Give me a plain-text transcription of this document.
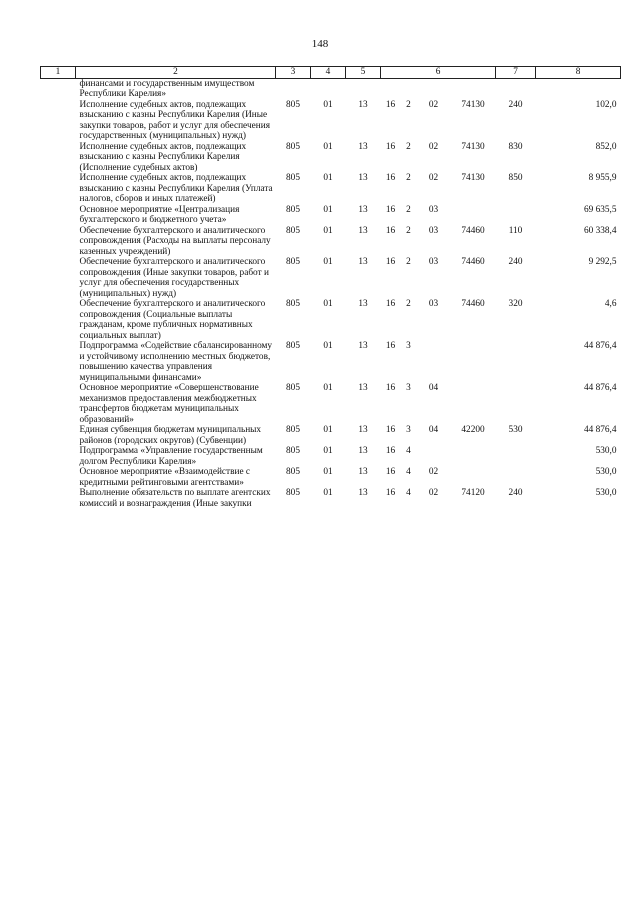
148
1	2	3	4	5	6				7	8
	финансами и государственным имуществом Республики Карелия»									
	Исполнение судебных актов, подлежащих взысканию с казны Республики Карелия (Иные закупки товаров, работ и услуг для обеспечения государственных (муниципальных) нужд)	805	01	13	16	2	02	74130	240	102,0
	Исполнение судебных актов, подлежащих взысканию с казны Республики Карелия (Исполнение судебных актов)	805	01	13	16	2	02	74130	830	852,0
	Исполнение судебных актов, подлежащих взысканию с казны Республики Карелия (Уплата налогов, сборов и иных платежей)	805	01	13	16	2	02	74130	850	8 955,9
	Основное мероприятие «Централизация бухгалтерского и бюджетного учета»	805	01	13	16	2	03			69 635,5
	Обеспечение бухгалтерского и аналитического сопровождения (Расходы на выплаты персоналу казенных учреждений)	805	01	13	16	2	03	74460	110	60 338,4
	Обеспечение бухгалтерского и аналитического сопровождения (Иные закупки товаров, работ и услуг для обеспечения государственных (муниципальных) нужд)	805	01	13	16	2	03	74460	240	9 292,5
	Обеспечение бухгалтерского и аналитического сопровождения (Социальные выплаты гражданам, кроме публичных нормативных социальных выплат)	805	01	13	16	2	03	74460	320	4,6
	Подпрограмма «Содействие сбалансированному и устойчивому исполнению местных бюджетов, повышению качества управления муниципальными финансами»	805	01	13	16	3				44 876,4
	Основное мероприятие «Совершенствование механизмов предоставления межбюджетных трансфертов бюджетам муниципальных образований»	805	01	13	16	3	04			44 876,4
	Единая субвенция бюджетам муниципальных районов (городских округов) (Субвенции)	805	01	13	16	3	04	42200	530	44 876,4
	Подпрограмма «Управление государственным долгом Республики Карелия»	805	01	13	16	4				530,0
	Основное мероприятие «Взаимодействие с кредитными рейтинговыми агентствами»	805	01	13	16	4	02			530,0
	Выполнение обязательств по выплате агентских комиссий и вознаграждения (Иные закупки	805	01	13	16	4	02	74120	240	530,0
